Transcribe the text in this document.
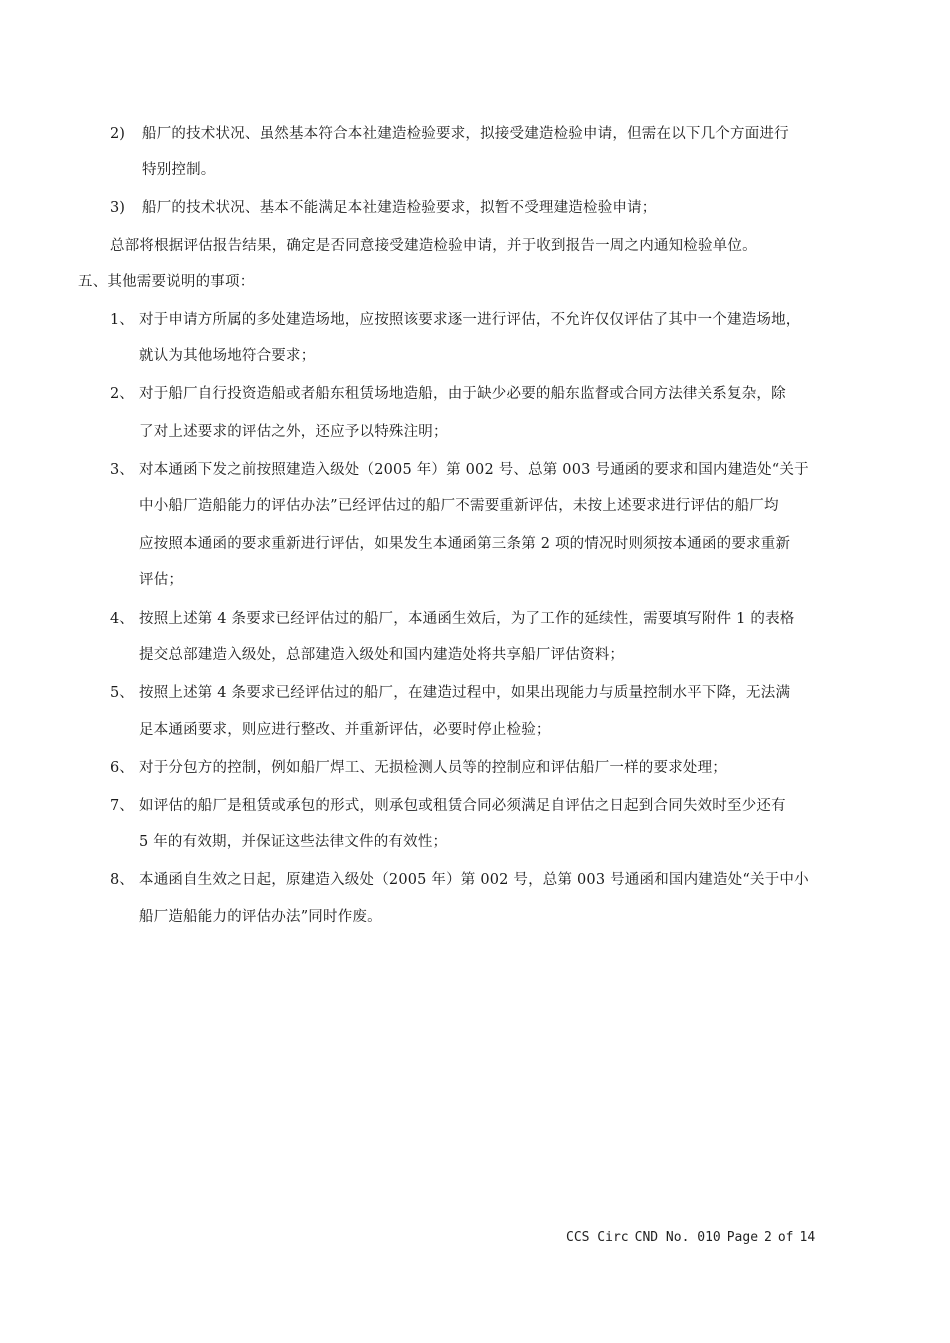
2) 船厂的技术状况、虽然基本符合本社建造检验要求，拟接受建造检验申请，但需在以下几个方面进行
特别控制。
3) 船厂的技术状况、基本不能满足本社建造检验要求，拟暂不受理建造检验申请；
总部将根据评估报告结果，确定是否同意接受建造检验申请，并于收到报告一周之内通知检验单位。
五、其他需要说明的事项：
1、 对于申请方所属的多处建造场地，应按照该要求逐一进行评估，不允许仅仅评估了其中一个建造场地，
就认为其他场地符合要求；
2、 对于船厂自行投资造船或者船东租赁场地造船，由于缺少必要的船东监督或合同方法律关系复杂，除
了对上述要求的评估之外，还应予以特殊注明；
3、 对本通函下发之前按照建造入级处（2005 年）第 002 号、总第 003 号通函的要求和国内建造处“关于
中小船厂造船能力的评估办法”已经评估过的船厂不需要重新评估，未按上述要求进行评估的船厂均
应按照本通函的要求重新进行评估，如果发生本通函第三条第 2 项的情况时则须按本通函的要求重新
评估；
4、 按照上述第 4 条要求已经评估过的船厂，本通函生效后，为了工作的延续性，需要填写附件 1 的表格
提交总部建造入级处，总部建造入级处和国内建造处将共享船厂评估资料；
5、 按照上述第 4 条要求已经评估过的船厂，在建造过程中，如果出现能力与质量控制水平下降，无法满
足本通函要求，则应进行整改、并重新评估，必要时停止检验；
6、 对于分包方的控制，例如船厂焊工、无损检测人员等的控制应和评估船厂一样的要求处理；
7、 如评估的船厂是租赁或承包的形式，则承包或租赁合同必须满足自评估之日起到合同失效时至少还有
5 年的有效期，并保证这些法律文件的有效性；
8、 本通函自生效之日起，原建造入级处（2005 年）第 002 号，总第 003 号通函和国内建造处“关于中小
船厂造船能力的评估办法”同时作废。
CCS Circ CND No. 010 Page 2 of 14
